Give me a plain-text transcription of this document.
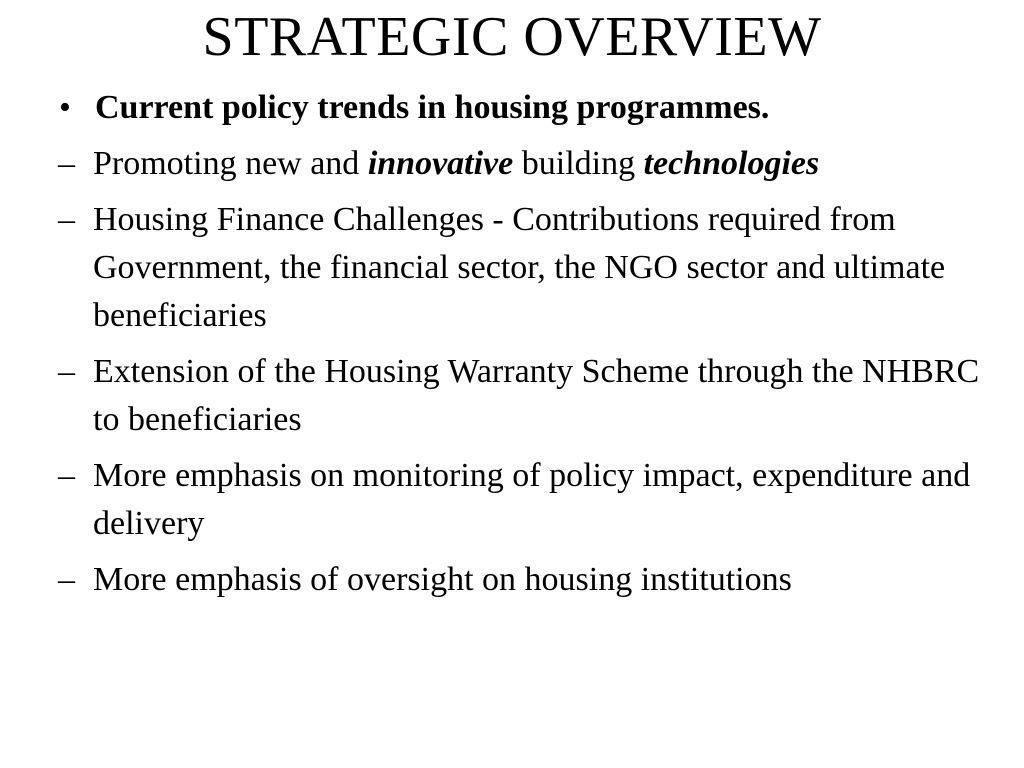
STRATEGIC OVERVIEW
• Current policy trends in housing programmes.
– Promoting new and innovative building technologies
– Housing Finance Challenges - Contributions required from Government, the financial sector, the NGO sector and ultimate beneficiaries
– Extension of the Housing Warranty Scheme through the NHBRC to beneficiaries
– More emphasis on monitoring of policy impact, expenditure and delivery
– More emphasis of oversight on housing institutions
